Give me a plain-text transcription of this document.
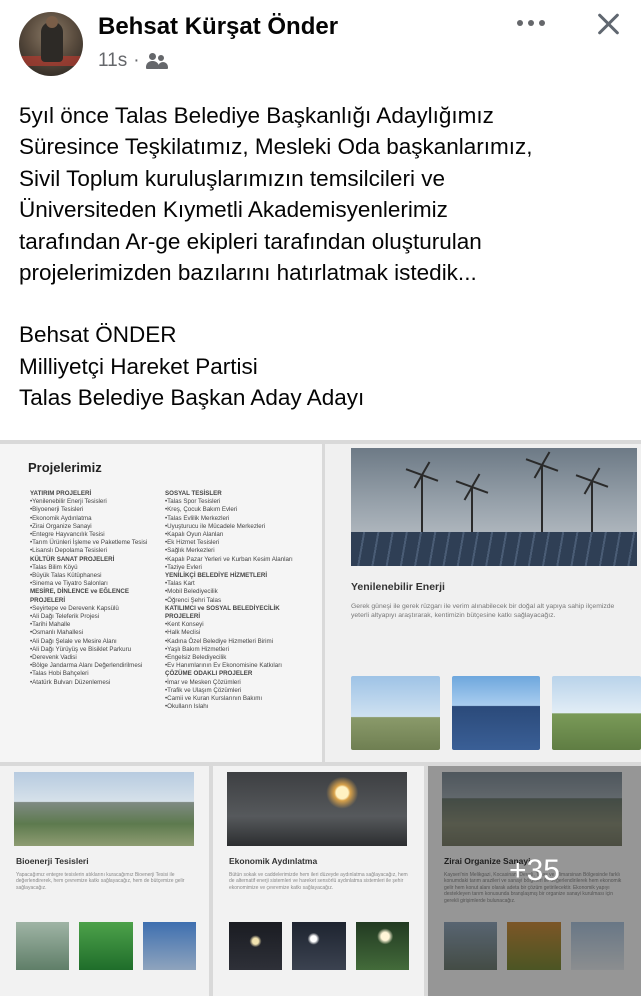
Behsat Kürşat Önder
11s ·

5yıl önce Talas Belediye Başkanlığı Adaylığımız

Süresince Teşkilatımız, Mesleki Oda başkanlarımız,

Sivil Toplum kuruluşlarımızın temsilcileri ve

Üniversiteden Kıymetli Akademisyenlerimiz

tarafından Ar-ge ekipleri tarafından oluşturulan

projelerimizden bazılarını hatırlatmak istedik...

Behsat ÖNDER

Milliyetçi Hareket Partisi

Talas Belediye Başkan Aday Adayı

Projelerimiz
YATIRIM PROJELERİ
•Yenilenebilir Enerji Tesisleri
•Biyoenerji Tesisleri
•Ekonomik Aydınlatma
•Zirai Organize Sanayi
•Entegre Hayvancılık Tesisi
•Tarım Ürünleri İşleme ve Paketleme Tesisi
•Lisanslı Depolama Tesisleri
KÜLTÜR SANAT PROJELERİ
•Talas Bilim Köyü
•Büyük Talas Kütüphanesi
•Sinema ve Tiyatro Salonları
MESİRE, DİNLENCE ve EĞLENCE PROJELERİ
•Seyirtepe ve Derevenk Kapsülü
•Ali Dağı Teleferik Projesi
•Tarihi Mahalle
•Osmanlı Mahallesi
•Ali Dağı Şelale ve Mesire Alanı
•Ali Dağı Yürüyüş ve Bisiklet Parkuru
•Derevenk Vadisi
•Bölge Jandarma Alanı Değerlendirilmesi
•Talas Hobi Bahçeleri
•Atatürk Bulvarı Düzenlemesi
SOSYAL TESİSLER
•Talas Spor Tesisleri
•Kreş, Çocuk Bakım Evleri
•Talas Evlilik Merkezleri
•Uyuşturucu ile Mücadele Merkezleri
•Kapalı Oyun Alanları
•Ek Hizmet Tesisleri
•Sağlık Merkezleri
•Kapalı Pazar Yerleri ve Kurban Kesim Alanları
•Taziye Evleri
YENİLİKÇİ BELEDİYE HİZMETLERİ
•Talas Kart
•Mobil Belediyecilik
•Öğrenci Şehri Talas
KATILIMCI ve SOSYAL BELEDİYECİLİK PROJELERİ
•Kent Konseyi
•Halk Meclisi
•Kadına Özel Belediye Hizmetleri Birimi
•Yaşlı Bakım Hizmetleri
•Engelsiz Belediyecilik
•Ev Hanımlarının Ev Ekonomisine Katkıları
ÇÖZÜME ODAKLI PROJELER
•İmar ve Mesken Çözümleri
•Trafik ve Ulaşım Çözümleri
•Camii ve Kuran Kurslarının Bakımı
•Okulların Islahı
Yenilenebilir Enerji
Gerek güneşi ile gerek rüzgarı ile verim alınabilecek bir doğal alt yapıya sahip ilçemizde yeterli altyapıyı araştırarak, kentimizin bütçesine katkı sağlayacağız.
Bioenerji Tesisleri
Yapacağımız entegre tesislerin atıklarını kuracağımız Bioenerji Tesisi ile değerlendirerek, hem çevremize katkı sağlayacağız, hem de bütçemize gelir sağlayacağız.
Ekonomik Aydınlatma
Bütün sokak ve caddelerimizde hem ileri düzeyde aydınlatma sağlayacağız, hem de alternatif enerji sistemleri ve hareket sensörlü aydınlatma sistemleri ile şehir ekonomimize ve çevremize katkı sağlayacağız.
Zirai Organize Sanayi
Kayseri'nin Melikgazi, Kocasinan, Develi, Talas ve Mimarsinan Bölgesinde farklı konumdaki tarım arazileri ve sanayi bölgeleri ile değerlendirilerek hem ekonomik gelir hem konut alanı olarak adeta bir çözüm getirilecektir. Ekonomik yapıyı destekleyen tarım konusunda branşlaşmış bir organize sanayi kurulması için gerekli girişimlerde bulunacağız.
+35
